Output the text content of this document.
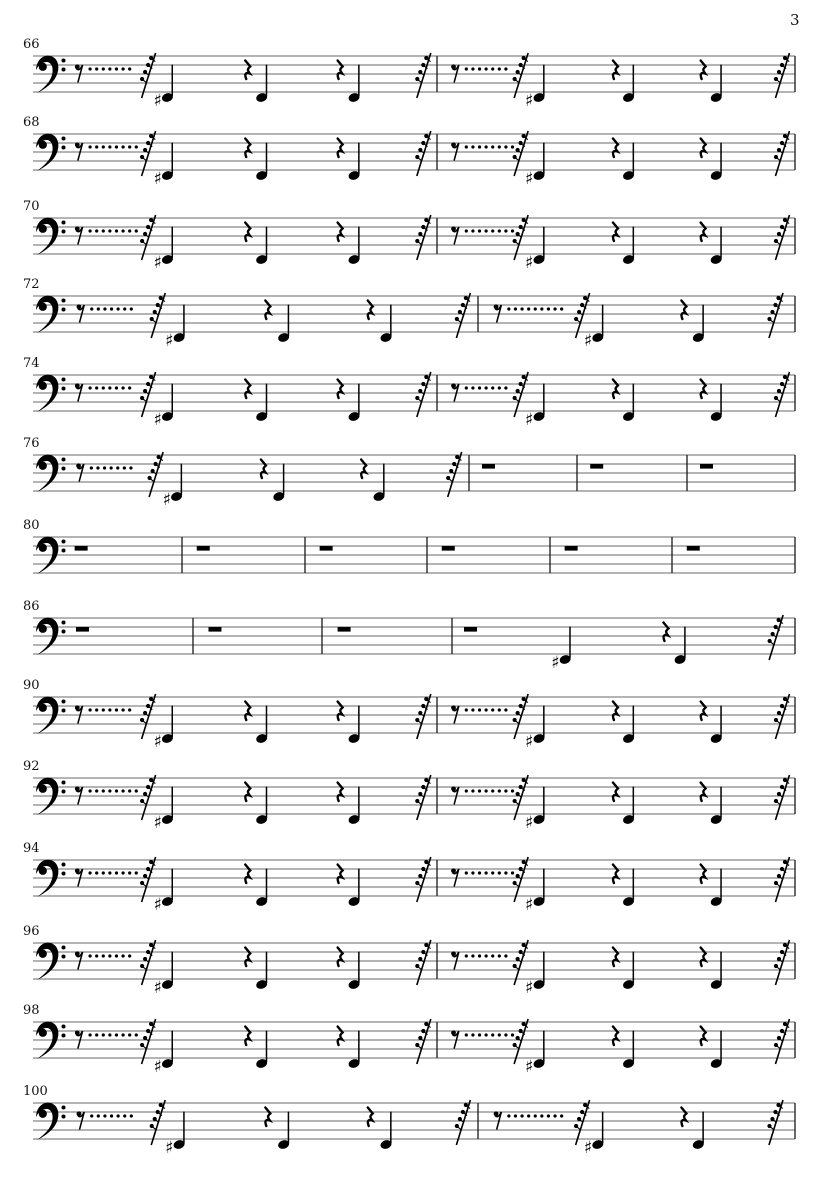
3
66
♯	♯
68
♯	♯
70
♯	♯
72
♯	♯
74
♯	♯
76
♯
80
86
♯
90
♯	♯
92
♯	♯
94
♯	♯
96
♯	♯
98
♯	♯
100
♯	♯
